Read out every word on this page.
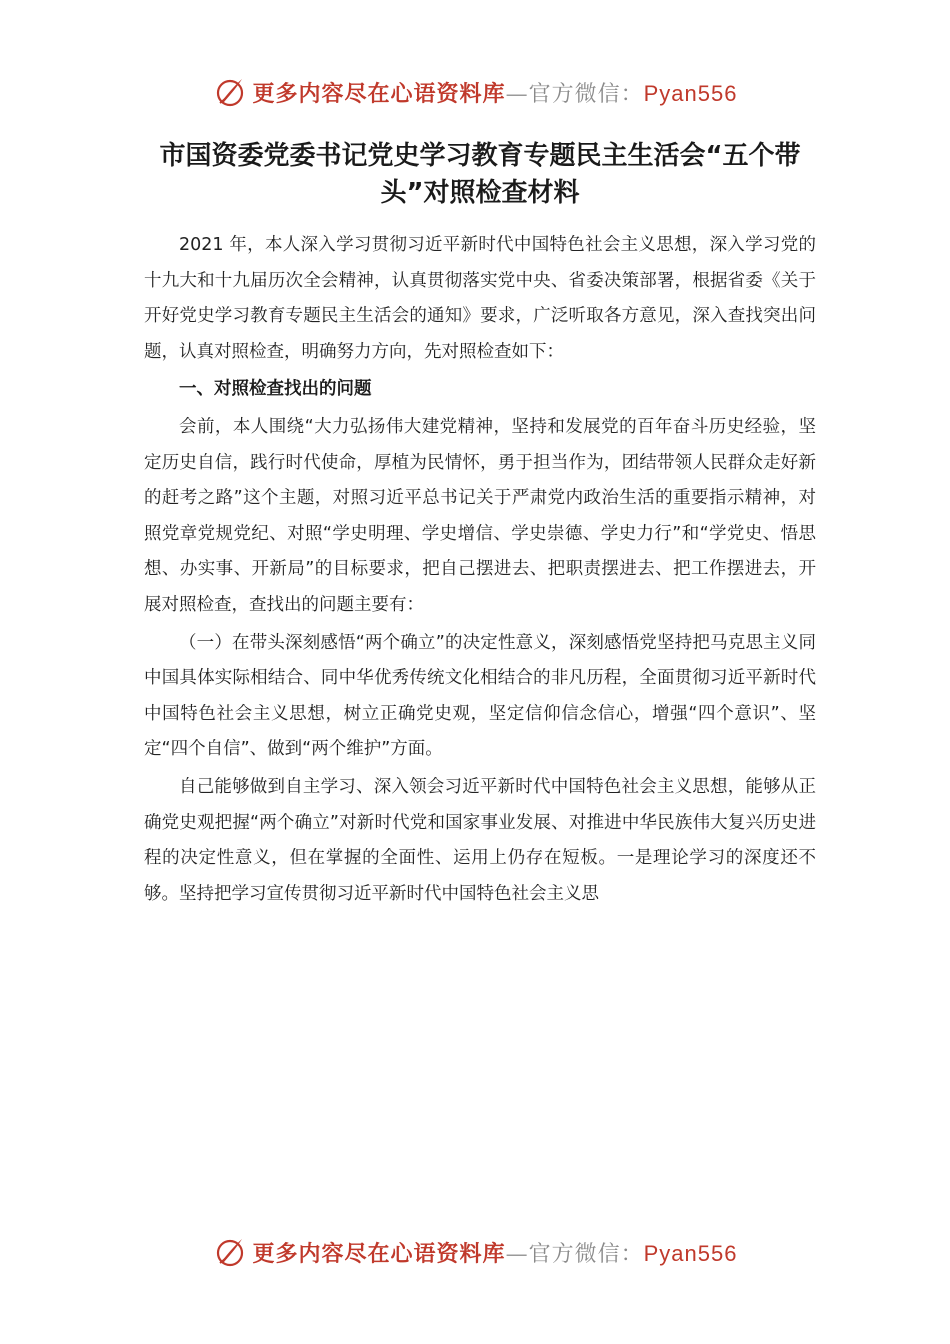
更多内容尽在心语资料库—官方微信：Pyan556
市国资委党委书记党史学习教育专题民主生活会“五个带头”对照检查材料

2021 年，本人深入学习贯彻习近平新时代中国特色社会主义思想，深入学习党的十九大和十九届历次全会精神，认真贯彻落实党中央、省委决策部署，根据省委《关于开好党史学习教育专题民主生活会的通知》要求，广泛听取各方意见，深入查找突出问题，认真对照检查，明确努力方向，先对照检查如下：

一、对照检查找出的问题

会前，本人围绕“大力弘扬伟大建党精神，坚持和发展党的百年奋斗历史经验，坚定历史自信，践行时代使命，厚植为民情怀，勇于担当作为，团结带领人民群众走好新的赶考之路”这个主题，对照习近平总书记关于严肃党内政治生活的重要指示精神，对照党章党规党纪、对照“学史明理、学史增信、学史崇德、学史力行”和“学党史、悟思想、办实事、开新局”的目标要求，把自己摆进去、把职责摆进去、把工作摆进去，开展对照检查，查找出的问题主要有：

（一）在带头深刻感悟“两个确立”的决定性意义，深刻感悟党坚持把马克思主义同中国具体实际相结合、同中华优秀传统文化相结合的非凡历程，全面贯彻习近平新时代中国特色社会主义思想，树立正确党史观，坚定信仰信念信心，增强“四个意识”、坚定“四个自信”、做到“两个维护”方面。

自己能够做到自主学习、深入领会习近平新时代中国特色社会主义思想，能够从正确党史观把握“两个确立”对新时代党和国家事业发展、对推进中华民族伟大复兴历史进程的决定性意义，但在掌握的全面性、运用上仍存在短板。一是理论学习的深度还不够。坚持把学习宣传贯彻习近平新时代中国特色社会主义思

更多内容尽在心语资料库—官方微信：Pyan556
